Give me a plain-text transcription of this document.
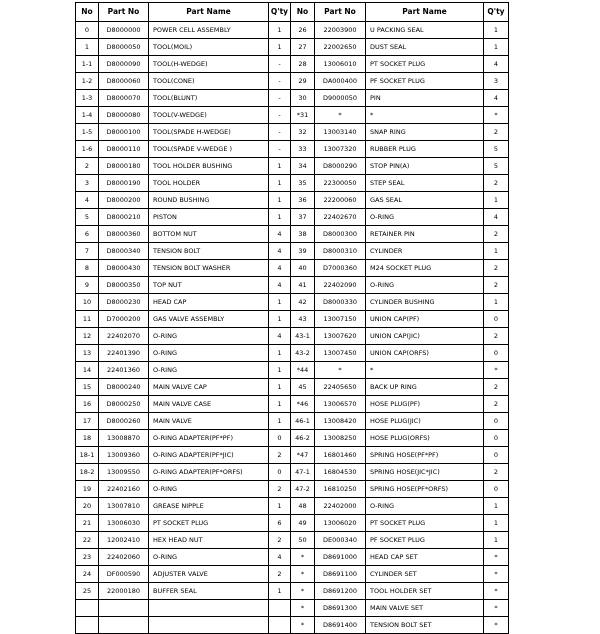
No	Part No	Part Name	Q'ty	No	Part No	Part Name	Q'ty
0	D8000000	POWER CELL ASSEMBLY	1	26	22003900	U PACKING SEAL	1
1	D8000050	TOOL(MOIL)	1	27	22002650	DUST SEAL	1
1-1	D8000090	TOOL(H-WEDGE)	-	28	13006010	PT SOCKET PLUG	4
1-2	D8000060	TOOL(CONE)	-	29	DA000400	PF SOCKET PLUG	3
1-3	D8000070	TOOL(BLUNT)	-	30	D9000050	PIN	4
1-4	D8000080	TOOL(V-WEDGE)	-	*31	*	*	*
1-5	D8000100	TOOL(SPADE H-WEDGE)	-	32	13003140	SNAP RING	2
1-6	D8000110	TOOL(SPADE V-WEDGE )	-	33	13007320	RUBBER PLUG	5
2	D8000180	TOOL HOLDER BUSHING	1	34	D8000290	STOP PIN(A)	5
3	D8000190	TOOL HOLDER	1	35	22300050	STEP SEAL	2
4	D8000200	ROUND BUSHING	1	36	22200060	GAS SEAL	1
5	D8000210	PISTON	1	37	22402670	O-RING	4
6	D8000360	BOTTOM NUT	4	38	D8000300	RETAINER PIN	2
7	D8000340	TENSION BOLT	4	39	D8000310	CYLINDER	1
8	D8000430	TENSION BOLT WASHER	4	40	D7000360	M24 SOCKET PLUG	2
9	D8000350	TOP NUT	4	41	22402090	O-RING	2
10	D8000230	HEAD CAP	1	42	D8000330	CYLINDER BUSHING	1
11	D7000200	GAS VALVE ASSEMBLY	1	43	13007150	UNION CAP(PF)	0
12	22402070	O-RING	4	43-1	13007620	UNION CAP(JIC)	2
13	22401390	O-RING	1	43-2	13007450	UNION CAP(ORFS)	0
14	22401360	O-RING	1	*44	*	*	*
15	D8000240	MAIN VALVE CAP	1	45	22405650	BACK UP RING	2
16	D8000250	MAIN VALVE CASE	1	*46	13006570	HOSE PLUG(PF)	2
17	D8000260	MAIN VALVE	1	46-1	13008420	HOSE PLUG(JIC)	0
18	13008870	O-RING ADAPTER(PF*PF)	0	46-2	13008250	HOSE PLUG(ORFS)	0
18-1	13009360	O-RING ADAPTER(PF*JIC)	2	*47	16801460	SPRING HOSE(PF*PF)	0
18-2	13009550	O-RING ADAPTER(PF*ORFS)	0	47-1	16804530	SPRING HOSE(JIC*JIC)	2
19	22402160	O-RING	2	47-2	16810250	SPRING HOSE(PF*ORFS)	0
20	13007810	GREASE NIPPLE	1	48	22402000	O-RING	1
21	13006030	PT SOCKET PLUG	6	49	13006020	PT SOCKET PLUG	1
22	12002410	HEX HEAD NUT	2	50	DE000340	PF SOCKET PLUG	1
23	22402060	O-RING	4	*	D8691000	HEAD CAP SET	*
24	DF000590	ADJUSTER VALVE	2	*	D8691100	CYLINDER SET	*
25	22000180	BUFFER SEAL	1	*	D8691200	TOOL HOLDER SET	*
				*	D8691300	MAIN VALVE SET	*
				*	D8691400	TENSION BOLT SET	*
